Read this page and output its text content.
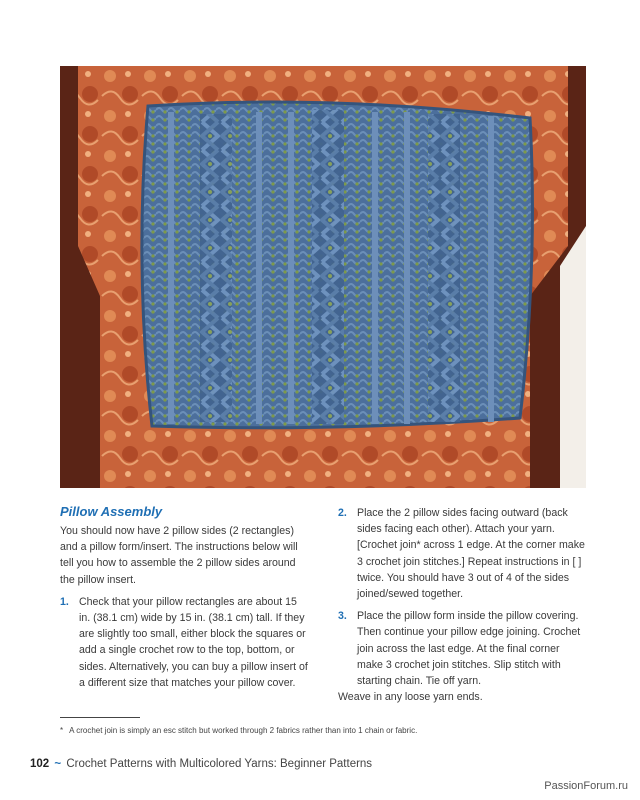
Pillow Assembly

You should now have 2 pillow sides (2 rectangles) and a pillow form/insert. The instructions below will tell you how to assemble the 2 pillow sides around the pillow insert.

1. Check that your pillow rectangles are about 15 in. (38.1 cm) wide by 15 in. (38.1 cm) tall. If they are slightly too small, either block the squares or add a single crochet row to the top, bottom, or sides. Alternatively, you can buy a pillow insert of a different size that matches your pillow cover.
2. Place the 2 pillow sides facing outward (back sides facing each other). Attach your yarn. [Crochet join* across 1 edge. At the corner make 3 crochet join stitches.] Repeat instructions in [ ] twice. You should have 3 out of 4 of the sides joined/sewed together.
3. Place the pillow form inside the pillow covering. Then continue your pillow edge joining. Crochet join across the last edge. At the final corner make 3 crochet join stitches. Slip stitch with starting chain. Tie off yarn.

Weave in any loose yarn ends.

* A crochet join is simply an esc stitch but worked through 2 fabrics rather than into 1 chain or fabric.
102 ~ Crochet Patterns with Multicolored Yarns: Beginner Patterns
PassionForum.ru
